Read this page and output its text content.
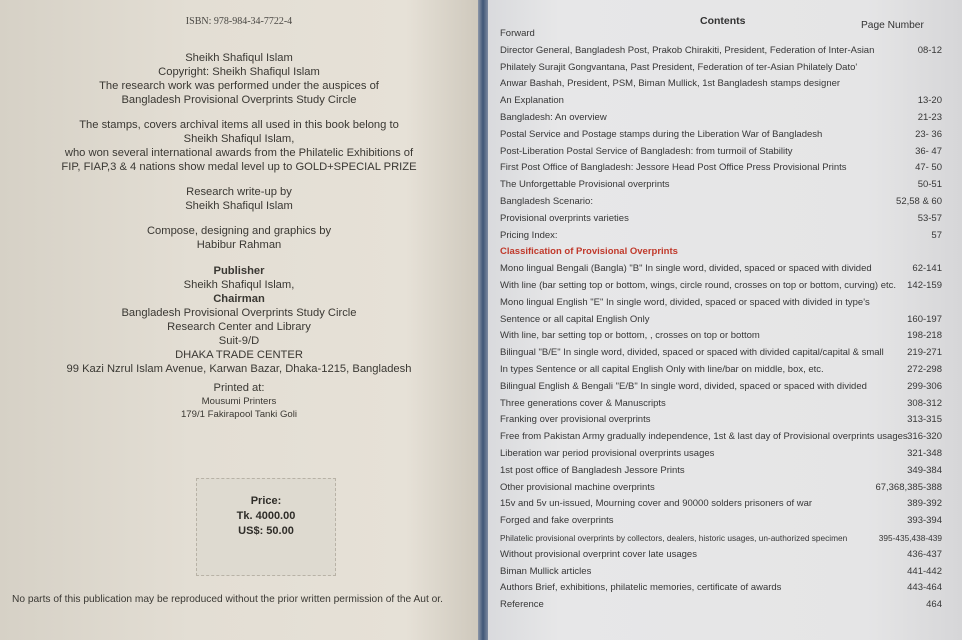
ISBN: 978-984-34-7722-4
Sheikh Shafiqul Islam
Copyright: Sheikh Shafiqul Islam
The research work was performed under the auspices of
Bangladesh Provisional Overprints Study Circle
The stamps, covers archival items all used in this book belong to
Sheikh Shafiqul Islam,
who won several international awards from the Philatelic Exhibitions of
FIP, FIAP,3 & 4 nations show medal level up to GOLD+SPECIAL PRIZE
Research write-up by
Sheikh Shafiqul Islam
Compose, designing and graphics by
Habibur Rahman
Publisher
Sheikh Shafiqul Islam,
Chairman
Bangladesh Provisional Overprints Study Circle
Research Center and Library
Suit-9/D
DHAKA TRADE CENTER
99 Kazi Nzrul Islam Avenue, Karwan Bazar, Dhaka-1215, Bangladesh
Printed at:
Mousumi Printers
179/1 Fakirapool Tanki Goli
Price:
Tk. 4000.00
US$: 50.00
No parts of this publication may be reproduced without the prior written permission of the Aut or.
Contents	Page Number
Forward
Director General, Bangladesh Post, Prakob Chirakiti, President, Federation of Inter-Asian	08-12
Philately Surajit Gongvantana, Past President, Federation of ter-Asian Philately Dato'
Anwar Bashah, President, PSM, Biman Mullick, 1st Bangladesh stamps designer
An Explanation	13-20
Bangladesh: An overview	21-23
Postal Service and Postage stamps during the Liberation War of Bangladesh	23- 36
Post-Liberation Postal Service of Bangladesh: from turmoil of Stability	36- 47
First Post Office of Bangladesh: Jessore Head Post Office Press Provisional Prints	47- 50
The Unforgettable Provisional overprints	50-51
Bangladesh Scenario:	52,58 & 60
Provisional overprints varieties	53-57
Pricing Index:	57
Classification of Provisional Overprints
Mono lingual Bengali (Bangla) "B" In single word, divided, spaced or spaced with divided	62-141
With line (bar setting top or bottom, wings, circle round, crosses on top or bottom, curving) etc. 142-159
Mono lingual English "E" In single word, divided, spaced or spaced with divided in type's
Sentence or all capital English Only	160-197
With line, bar setting top or bottom, , crosses on top or bottom	198-218
Bilingual "B/E" In single word, divided, spaced or spaced with divided capital/capital & small 219-271
In types Sentence or all capital English Only with line/bar on middle, box, etc.	272-298
Bilingual English & Bengali "E/B" In single word, divided, spaced or spaced with divided	299-306
Three generations cover & Manuscripts	308-312
Franking over provisional overprints	313-315
Free from Pakistan Army gradually independence, 1st & last day of Provisional overprints usages 316-320
Liberation war period provisional overprints usages	321-348
1st post office of Bangladesh Jessore Prints	349-384
Other provisional machine overprints	67,368,385-388
15v and 5v un-issued, Mourning cover and 90000 solders prisoners of war	389-392
Forged and fake overprints	393-394
Philatelic provisional overprints by collectors, dealers, historic usages, un-authorized specimen	395-435,438-439
Without provisional overprint cover late usages	436-437
Biman Mullick articles	441-442
Authors Brief, exhibitions, philatelic memories, certificate of awards	443-464
Reference	464
